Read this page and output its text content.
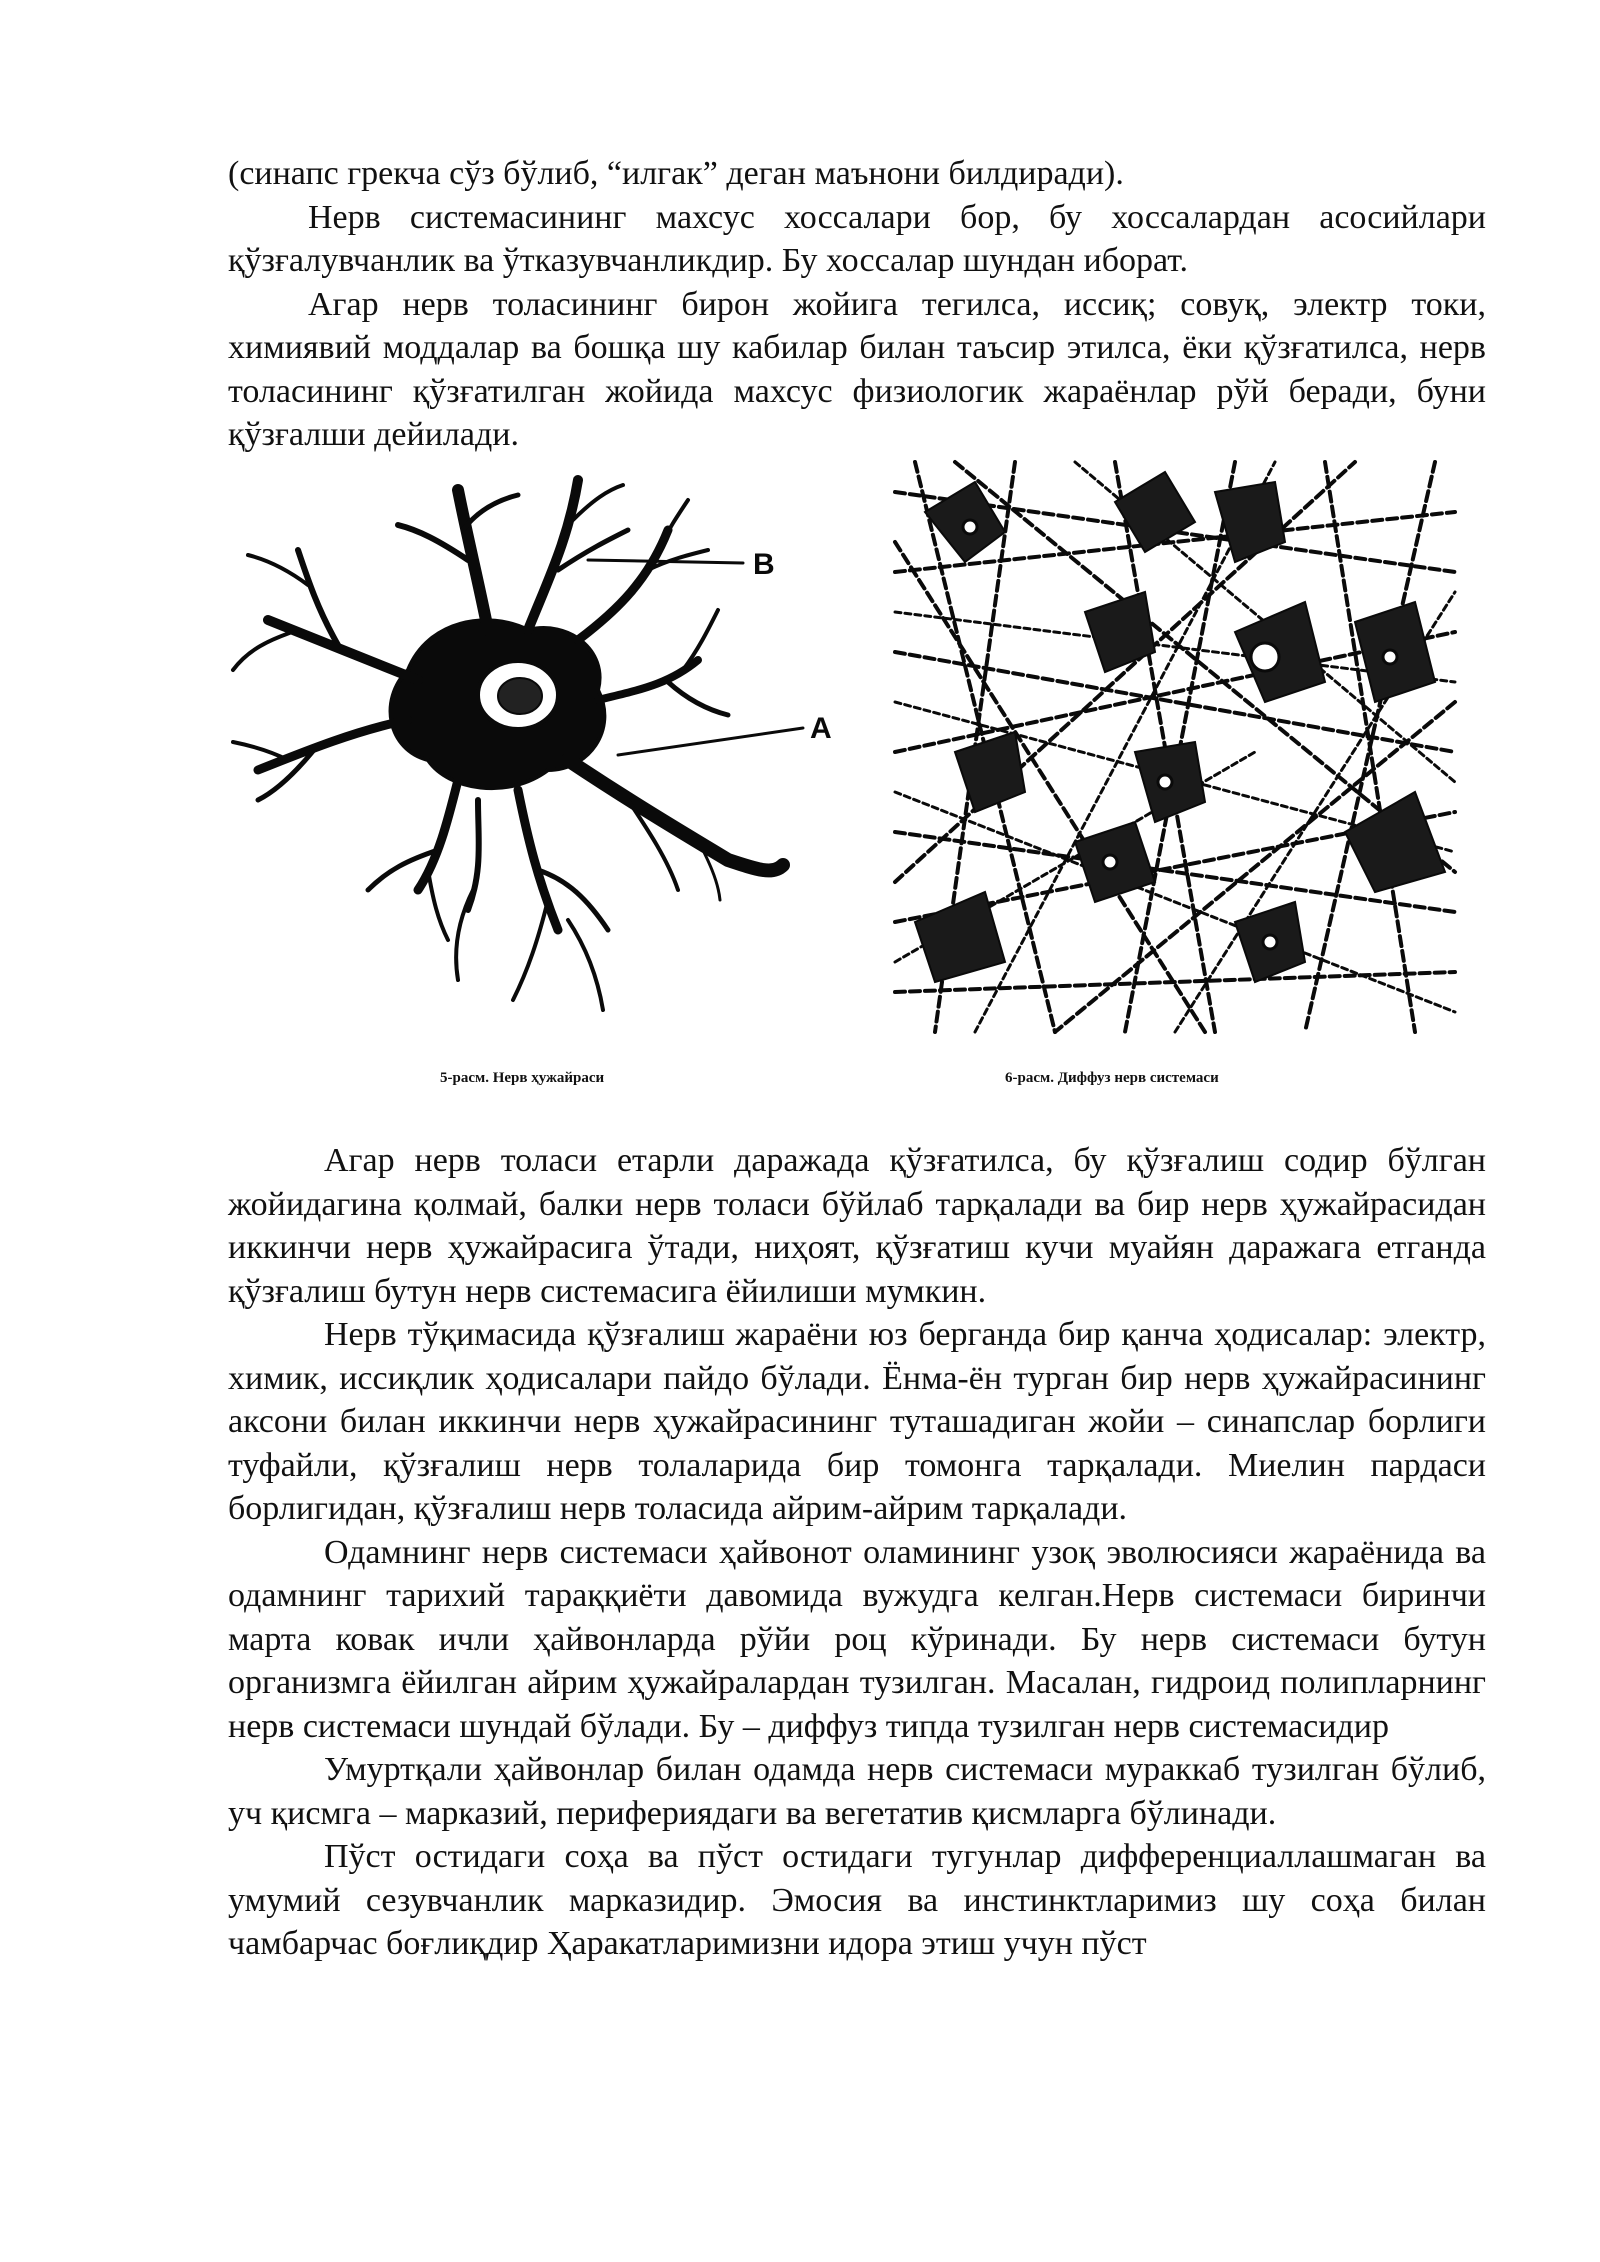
(синапс грекча сўз бўлиб, “илгак” деган маънони билдиради).

Нерв системасининг махсус хоссалари бор, бу хоссалардан асосийлари қўзғалувчанлик ва ўтказувчанликдир. Бу хоссалар шундан иборат.

Агар нерв толасининг бирон жойига тегилса, иссиқ; совуқ, электр токи, химиявий моддалар ва бошқа шу кабилар билан таъсир этилса, ёки қўзғатилса, нерв толасининг қўзғатилган жойида махсус физиологик жараёнлар рўй беради, буни қўзғалши дейилади.

B
A
5-расм. Нерв ҳужайраси	6-расм. Диффуз нерв системаси

Агар нерв толаси етарли даражада қўзғатилса, бу қўзғалиш содир бўлган жойидагина қолмай, балки нерв толаси бўйлаб тарқалади ва бир нерв ҳужайрасидан иккинчи нерв ҳужайрасига ўтади, ниҳоят, қўзғатиш кучи муайян даражага етганда қўзғалиш бутун нерв системасига ёйилиши мумкин.

Нерв тўқимасида қўзғалиш жараёни юз берганда бир қанча ҳодисалар: электр, химик, иссиқлик ҳодисалари пайдо бўлади. Ёнма-ён турган бир нерв ҳужайрасининг аксони билан иккинчи нерв ҳужайрасининг туташадиган жойи – синапслар борлиги туфайли, қўзғалиш нерв толаларида бир томонга тарқалади. Миелин пардаси борлигидан, қўзғалиш нерв толасида айрим-айрим тарқалади.

Одамнинг нерв системаси ҳайвонот оламининг узоқ эволюсияси жараёнида ва одамнинг тарихий тараққиёти давомида вужудга келган.Нерв системаси биринчи марта ковак ичли ҳайвонларда рўйи роц кўринади. Бу нерв системаси бутун организмга ёйилган айрим ҳужайралардан тузилган. Масалан, гидроид полипларнинг нерв системаси шундай бўлади. Бу – диффуз типда тузилган нерв системасидир

Умуртқали ҳайвонлар билан одамда нерв системаси мураккаб тузилган бўлиб, уч қисмга – марказий, перифериядаги ва вегетатив қисмларга бўлинади.

Пўст остидаги соҳа ва пўст остидаги тугунлар дифференциаллашмаган ва умумий сезувчанлик марказидир. Эмосия ва инстинктларимиз шу соҳа билан чамбарчас боғлиқдир Ҳаракатларимизни идора этиш учун пўст
